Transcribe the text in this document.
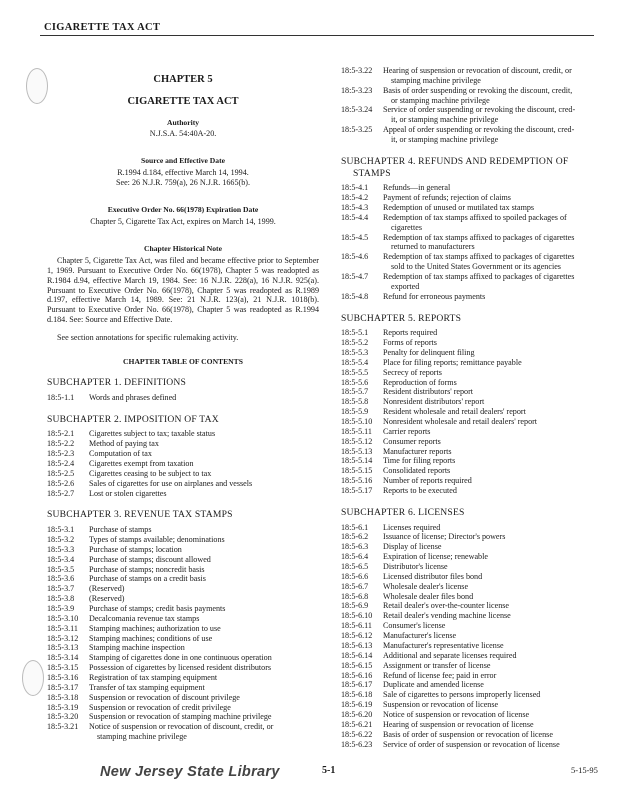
CIGARETTE TAX ACT
CHAPTER 5
CIGARETTE TAX ACT
Authority
N.J.S.A. 54:40A-20.
Source and Effective Date
R.1994 d.184, effective March 14, 1994.
See: 26 N.J.R. 759(a), 26 N.J.R. 1665(b).
Executive Order No. 66(1978) Expiration Date
Chapter 5, Cigarette Tax Act, expires on March 14, 1999.
Chapter Historical Note
Chapter 5, Cigarette Tax Act, was filed and became effective prior to September 1, 1969. Pursuant to Executive Order No. 66(1978), Chapter 5 was readopted as R.1984 d.94, effective March 19, 1984. See: 16 N.J.R. 228(a), 16 N.J.R. 925(a). Pursuant to Executive Order No. 66(1978), Chapter 5 was readopted as R.1989 d.197, effective March 14, 1989. See: 21 N.J.R. 123(a), 21 N.J.R. 1018(b). Pursuant to Executive Order No. 66(1978), Chapter 5 was readopted as R.1994 d.184. See: Source and Effective Date.
See section annotations for specific rulemaking activity.
CHAPTER TABLE OF CONTENTS
SUBCHAPTER 1. DEFINITIONS
18:5-1.1	Words and phrases defined
SUBCHAPTER 2. IMPOSITION OF TAX
18:5-2.1	Cigarettes subject to tax; taxable status
18:5-2.2	Method of paying tax
18:5-2.3	Computation of tax
18:5-2.4	Cigarettes exempt from taxation
18:5-2.5	Cigarettes ceasing to be subject to tax
18:5-2.6	Sales of cigarettes for use on airplanes and vessels
18:5-2.7	Lost or stolen cigarettes
SUBCHAPTER 3. REVENUE TAX STAMPS
18:5-3.1	Purchase of stamps
18:5-3.2	Types of stamps available; denominations
18:5-3.3	Purchase of stamps; location
18:5-3.4	Purchase of stamps; discount allowed
18:5-3.5	Purchase of stamps; noncredit basis
18:5-3.6	Purchase of stamps on a credit basis
18:5-3.7	(Reserved)
18:5-3.8	(Reserved)
18:5-3.9	Purchase of stamps; credit basis payments
18:5-3.10	Decalcomania revenue tax stamps
18:5-3.11	Stamping machines; authorization to use
18:5-3.12	Stamping machines; conditions of use
18:5-3.13	Stamping machine inspection
18:5-3.14	Stamping of cigarettes done in one continuous operation
18:5-3.15	Possession of cigarettes by licensed resident distributors
18:5-3.16	Registration of tax stamping equipment
18:5-3.17	Transfer of tax stamping equipment
18:5-3.18	Suspension or revocation of discount privilege
18:5-3.19	Suspension or revocation of credit privilege
18:5-3.20	Suspension or revocation of stamping machine privilege
18:5-3.21	Notice of suspension or revocation of discount, credit, or
stamping machine privilege
18:5-3.22	Hearing of suspension or revocation of discount, credit, or
stamping machine privilege
18:5-3.23	Basis of order suspending or revoking the discount, credit,
or stamping machine privilege
18:5-3.24	Service of order suspending or revoking the discount, cred-
it, or stamping machine privilege
18:5-3.25	Appeal of order suspending or revoking the discount, cred-
it, or stamping machine privilege
SUBCHAPTER 4. REFUNDS AND REDEMPTION OF
STAMPS
18:5-4.1	Refunds—in general
18:5-4.2	Payment of refunds; rejection of claims
18:5-4.3	Redemption of unused or mutilated tax stamps
18:5-4.4	Redemption of tax stamps affixed to spoiled packages of
cigarettes
18:5-4.5	Redemption of tax stamps affixed to packages of cigarettes
returned to manufacturers
18:5-4.6	Redemption of tax stamps affixed to packages of cigarettes
sold to the United States Government or its agencies
18:5-4.7	Redemption of tax stamps affixed to packages of cigarettes
exported
18:5-4.8	Refund for erroneous payments
SUBCHAPTER 5. REPORTS
18:5-5.1	Reports required
18:5-5.2	Forms of reports
18:5-5.3	Penalty for delinquent filing
18:5-5.4	Place for filing reports; remittance payable
18:5-5.5	Secrecy of reports
18:5-5.6	Reproduction of forms
18:5-5.7	Resident distributors' report
18:5-5.8	Nonresident distributors' report
18:5-5.9	Resident wholesale and retail dealers' report
18:5-5.10	Nonresident wholesale and retail dealers' report
18:5-5.11	Carrier reports
18:5-5.12	Consumer reports
18:5-5.13	Manufacturer reports
18:5-5.14	Time for filing reports
18:5-5.15	Consolidated reports
18:5-5.16	Number of reports required
18:5-5.17	Reports to be executed
SUBCHAPTER 6. LICENSES
18:5-6.1	Licenses required
18:5-6.2	Issuance of license; Director's powers
18:5-6.3	Display of license
18:5-6.4	Expiration of license; renewable
18:5-6.5	Distributor's license
18:5-6.6	Licensed distributor files bond
18:5-6.7	Wholesale dealer's license
18:5-6.8	Wholesale dealer files bond
18:5-6.9	Retail dealer's over-the-counter license
18:5-6.10	Retail dealer's vending machine license
18:5-6.11	Consumer's license
18:5-6.12	Manufacturer's license
18:5-6.13	Manufacturer's representative license
18:5-6.14	Additional and separate licenses required
18:5-6.15	Assignment or transfer of license
18:5-6.16	Refund of license fee; paid in error
18:5-6.17	Duplicate and amended license
18:5-6.18	Sale of cigarettes to persons improperly licensed
18:5-6.19	Suspension or revocation of license
18:5-6.20	Notice of suspension or revocation of license
18:5-6.21	Hearing of suspension or revocation of license
18:5-6.22	Basis of order of suspension or revocation of license
18:5-6.23	Service of order of suspension or revocation of license
New Jersey State Library	5-1	5-15-95
